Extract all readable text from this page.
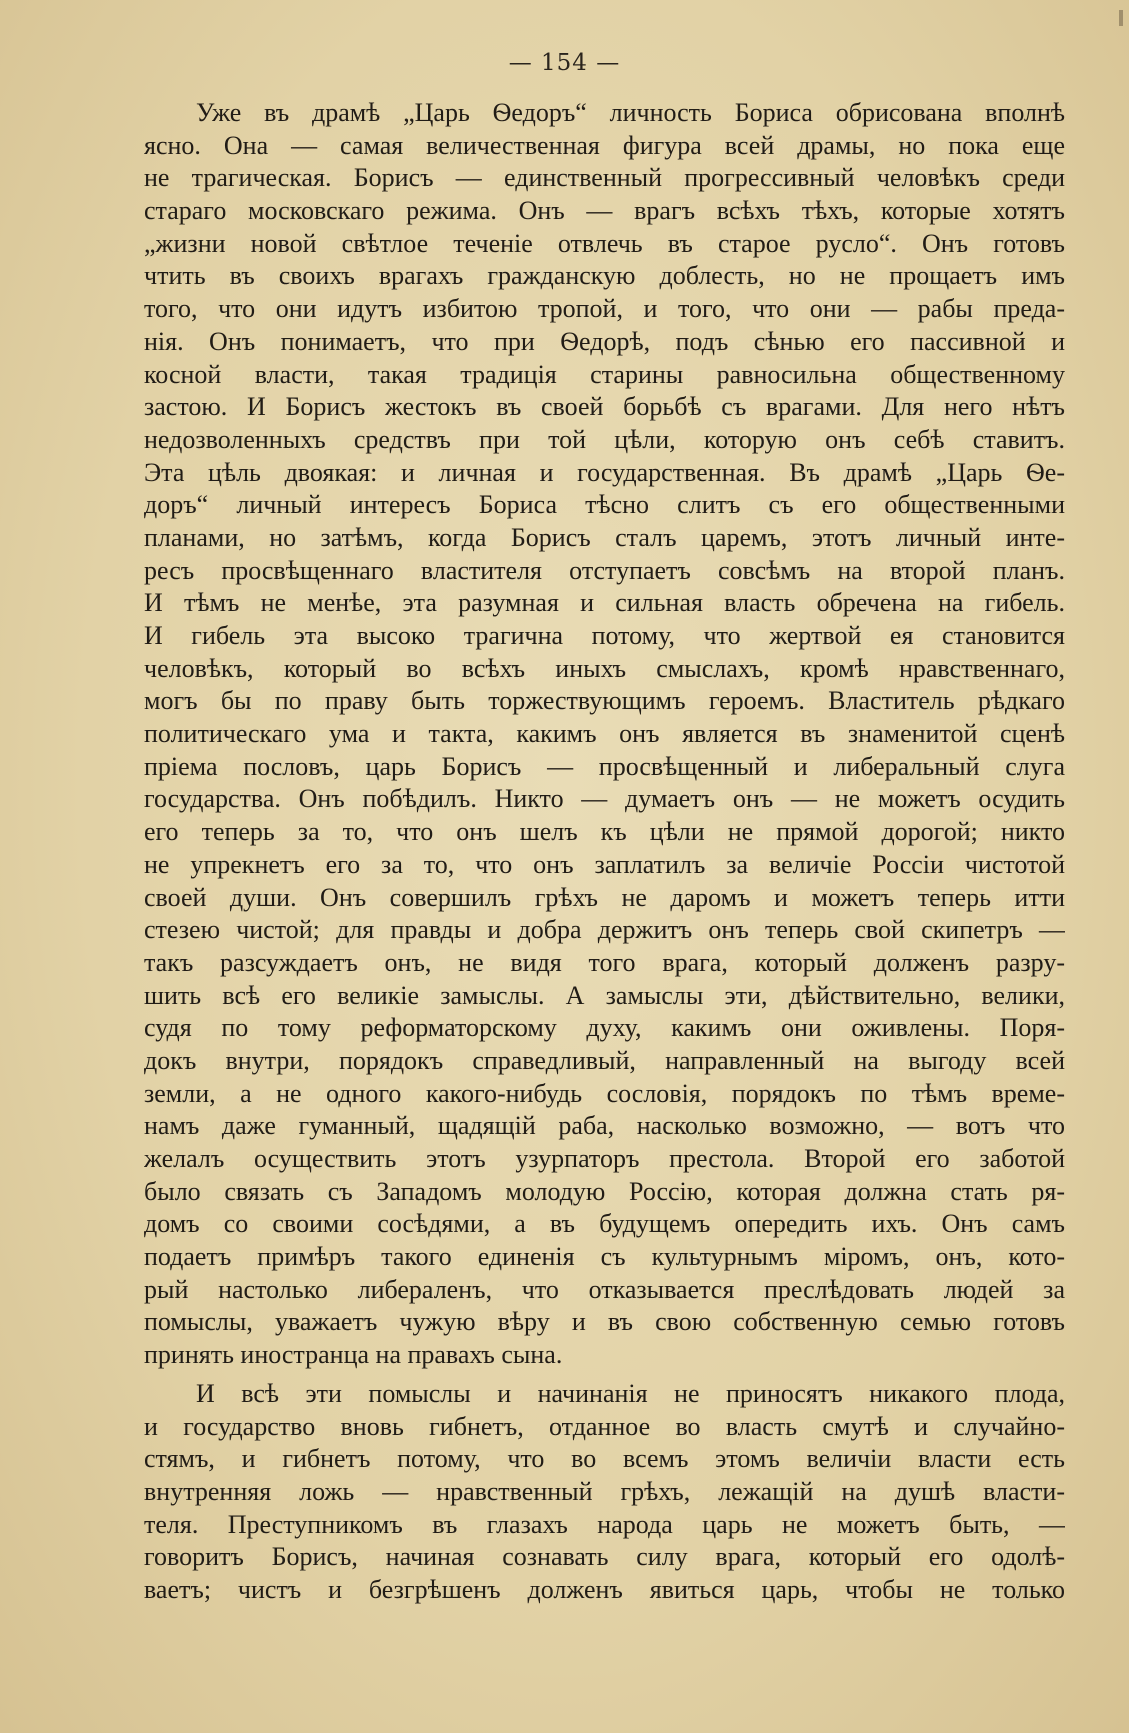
— 154 —
Уже въ драмѣ „Царь Ѳедоръ“ личность Бориса обрисована вполнѣ
ясно. Она — самая величественная фигура всей драмы, но пока еще
не трагическая. Борисъ — единственный прогрессивный человѣкъ среди
стараго московскаго режима. Онъ — врагъ всѣхъ тѣхъ, которые хотятъ
„жизни новой свѣтлое теченіе отвлечь въ старое русло“. Онъ готовъ
чтить въ своихъ врагахъ гражданскую доблесть, но не прощаетъ имъ
того, что они идутъ избитою тропой, и того, что они — рабы преда-
нія. Онъ понимаетъ, что при Ѳедорѣ, подъ сѣнью его пассивной и
косной власти, такая традиція старины равносильна общественному
застою. И Борисъ жестокъ въ своей борьбѣ съ врагами. Для него нѣтъ
недозволенныхъ средствъ при той цѣли, которую онъ себѣ ставитъ.
Эта цѣль двоякая: и личная и государственная. Въ драмѣ „Царь Ѳе-
доръ“ личный интересъ Бориса тѣсно слитъ съ его общественными
планами, но затѣмъ, когда Борисъ сталъ царемъ, этотъ личный инте-
ресъ просвѣщеннаго властителя отступаетъ совсѣмъ на второй планъ.
И тѣмъ не менѣе, эта разумная и сильная власть обречена на гибель.
И гибель эта высоко трагична потому, что жертвой ея становится
человѣкъ, который во всѣхъ иныхъ смыслахъ, кромѣ нравственнаго,
могъ бы по праву быть торжествующимъ героемъ. Властитель рѣдкаго
политическаго ума и такта, какимъ онъ является въ знаменитой сценѣ
пріема пословъ, царь Борисъ — просвѣщенный и либеральный слуга
государства. Онъ побѣдилъ. Никто — думаетъ онъ — не можетъ осудить
его теперь за то, что онъ шелъ къ цѣли не прямой дорогой; никто
не упрекнетъ его за то, что онъ заплатилъ за величіе Россіи чистотой
своей души. Онъ совершилъ грѣхъ не даромъ и можетъ теперь итти
стезею чистой; для правды и добра держитъ онъ теперь свой скипетръ —
такъ разсуждаетъ онъ, не видя того врага, который долженъ разру-
шить всѣ его великіе замыслы. А замыслы эти, дѣйствительно, велики,
судя по тому реформаторскому духу, какимъ они оживлены. Поря-
докъ внутри, порядокъ справедливый, направленный на выгоду всей
земли, а не одного какого-нибудь сословія, порядокъ по тѣмъ време-
намъ даже гуманный, щадящій раба, насколько возможно, — вотъ что
желалъ осуществить этотъ узурпаторъ престола. Второй его заботой
было связать съ Западомъ молодую Россію, которая должна стать ря-
домъ со своими сосѣдями, а въ будущемъ опередить ихъ. Онъ самъ
подаетъ примѣръ такого единенія съ культурнымъ міромъ, онъ, кото-
рый настолько либераленъ, что отказывается преслѣдовать людей за
помыслы, уважаетъ чужую вѣру и въ свою собственную семью готовъ
принять иностранца на правахъ сына.
И всѣ эти помыслы и начинанія не приносятъ никакого плода,
и государство вновь гибнетъ, отданное во власть смутѣ и случайно-
стямъ, и гибнетъ потому, что во всемъ этомъ величіи власти есть
внутренняя ложь — нравственный грѣхъ, лежащій на душѣ власти-
теля. Преступникомъ въ глазахъ народа царь не можетъ быть, —
говоритъ Борисъ, начиная сознавать силу врага, который его одолѣ-
ваетъ; чистъ и безгрѣшенъ долженъ явиться царь, чтобы не только
